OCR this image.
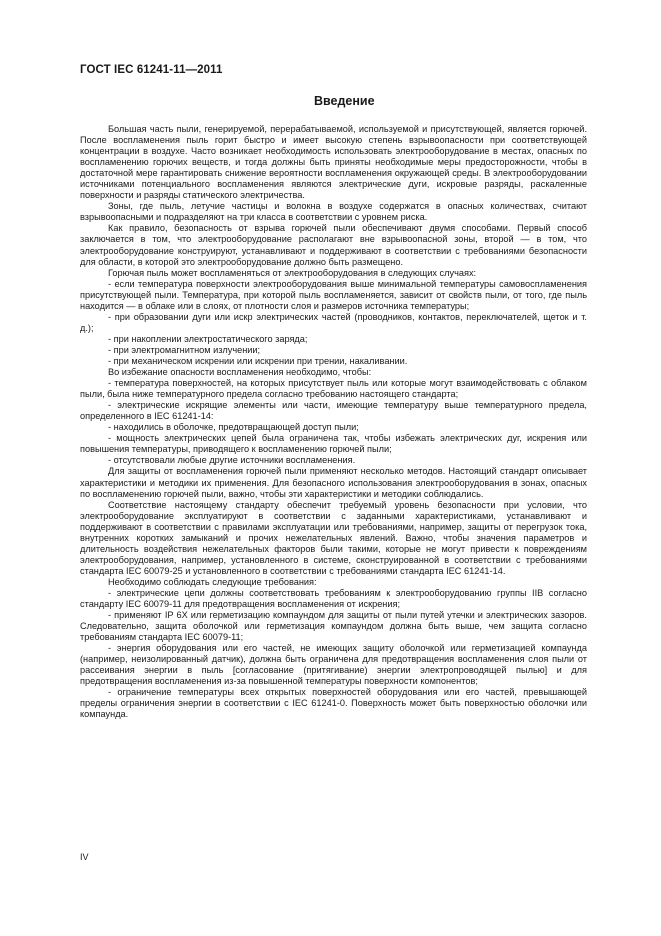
ГОСТ IEC 61241-11—2011
Введение

Большая часть пыли, генерируемой, перерабатываемой, используемой и присутствующей, является горючей. После воспламенения пыль горит быстро и имеет высокую степень взрывоопасности при соответствующей концентрации в воздухе. Часто возникает необходимость использовать электрооборудование в местах, опасных по воспламенению горючих веществ, и тогда должны быть приняты необходимые меры предосторожности, чтобы в достаточной мере гарантировать снижение вероятности воспламенения окружающей среды. В электрооборудовании источниками потенциального воспламенения являются электрические дуги, искровые разряды, раскаленные поверхности и разряды статического электричества.

Зоны, где пыль, летучие частицы и волокна в воздухе содержатся в опасных количествах, считают взрывоопасными и подразделяют на три класса в соответствии с уровнем риска.

Как правило, безопасность от взрыва горючей пыли обеспечивают двумя способами. Первый способ заключается в том, что электрооборудование располагают вне взрывоопасной зоны, второй — в том, что электрооборудование конструируют, устанавливают и поддерживают в соответствии с требованиями безопасности для области, в которой это электрооборудование должно быть размещено.

Горючая пыль может воспламеняться от электрооборудования в следующих случаях:

- если температура поверхности электрооборудования выше минимальной температуры самовоспламенения присутствующей пыли. Температура, при которой пыль воспламеняется, зависит от свойств пыли, от того, где пыль находится — в облаке или в слоях, от плотности слоя и размеров источника температуры;

- при образовании дуги или искр электрических частей (проводников, контактов, переключателей, щеток и т. д.);

- при накоплении электростатического заряда;

- при электромагнитном излучении;

- при механическом искрении или искрении при трении, накаливании.

Во избежание опасности воспламенения необходимо, чтобы:

- температура поверхностей, на которых присутствует пыль или которые могут взаимодействовать с облаком пыли, была ниже температурного предела согласно требованию настоящего стандарта;

- электрические искрящие элементы или части, имеющие температуру выше температурного предела, определенного в IEC 61241-14:

- находились в оболочке, предотвращающей доступ пыли;

- мощность электрических цепей была ограничена так, чтобы избежать электрических дуг, искрения или повышения температуры, приводящего к воспламенению горючей пыли;

- отсутствовали любые другие источники воспламенения.

Для защиты от воспламенения горючей пыли применяют несколько методов. Настоящий стандарт описывает характеристики и методики их применения. Для безопасного использования электрооборудования в зонах, опасных по воспламенению горючей пыли, важно, чтобы эти характеристики и методики соблюдались.

Соответствие настоящему стандарту обеспечит требуемый уровень безопасности при условии, что электрооборудование эксплуатируют в соответствии с заданными характеристиками, устанавливают и поддерживают в соответствии с правилами эксплуатации или требованиями, например, защиты от перегрузок тока, внутренних коротких замыканий и прочих нежелательных явлений. Важно, чтобы значения параметров и длительность воздействия нежелательных факторов были такими, которые не могут привести к повреждениям электрооборудования, например, установленного в системе, сконструированной в соответствии с требованиями стандарта IEC 60079-25 и установленного в соответствии с требованиями стандарта IEC 61241-14.

Необходимо соблюдать следующие требования:

- электрические цепи должны соответствовать требованиям к электрооборудованию группы IIB согласно стандарту IEC 60079-11 для предотвращения воспламенения от искрения;

- применяют IP 6X или герметизацию компаундом для защиты от пыли путей утечки и электрических зазоров. Следовательно, защита оболочкой или герметизация компаундом должна быть выше, чем защита согласно требованиям стандарта IEC 60079-11;

- энергия оборудования или его частей, не имеющих защиту оболочкой или герметизацией компаунда (например, неизолированный датчик), должна быть ограничена для предотвращения воспламенения слоя пыли от рассеивания энергии в пыль [согласование (притягивание) энергии электропроводящей пылью] и для предотвращения воспламенения из-за повышенной температуры поверхности компонентов;

- ограничение температуры всех открытых поверхностей оборудования или его частей, превышающей пределы ограничения энергии в соответствии с IEC 61241-0. Поверхность может быть поверхностью оболочки или компаунда.

IV
